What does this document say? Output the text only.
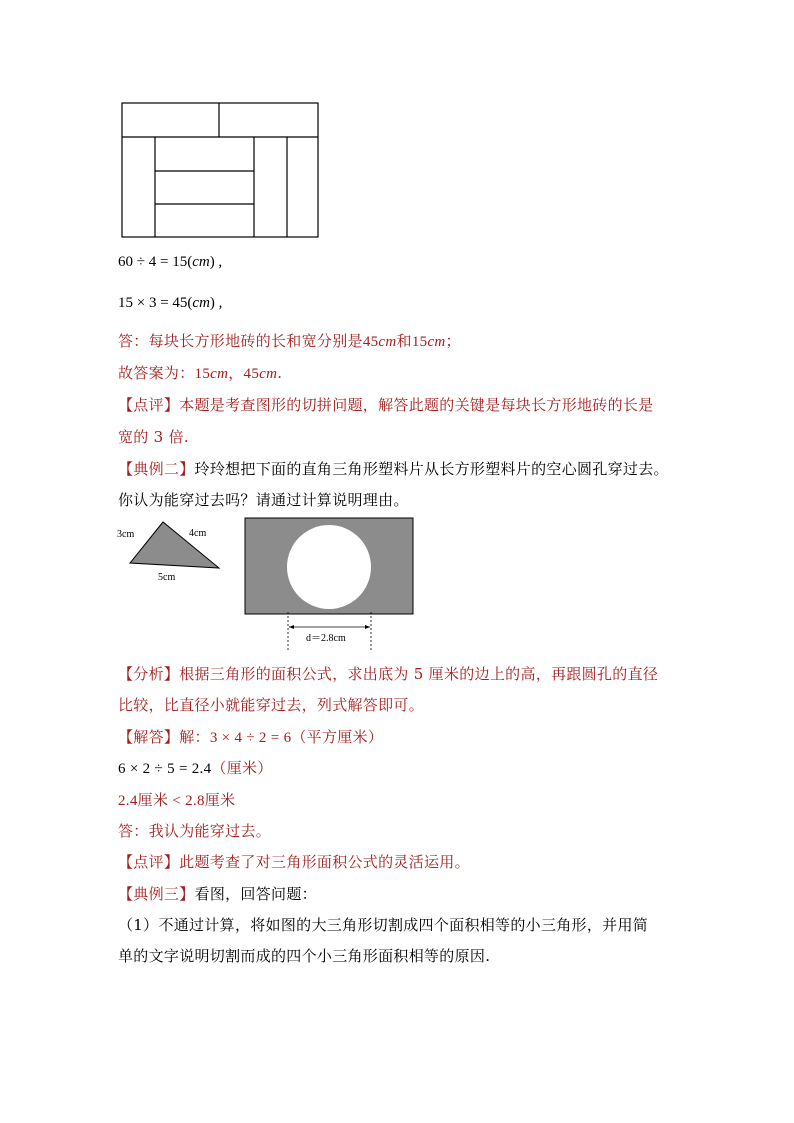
60 ÷ 4 = 15(cm) ,
15 × 3 = 45(cm) ,
答：每块长方形地砖的长和宽分别是45cm和15cm；
故答案为：15cm，45cm.
【点评】本题是考查图形的切拼问题，解答此题的关键是每块长方形地砖的长是
宽的 3 倍.
【典例二】玲玲想把下面的直角三角形塑料片从长方形塑料片的空心圆孔穿过去。
你认为能穿过去吗？请通过计算说明理由。
3cm	4cm
5cm
d＝2.8cm
【分析】根据三角形的面积公式，求出底为 5 厘米的边上的高，再跟圆孔的直径
比较，比直径小就能穿过去，列式解答即可。
【解答】解：3 × 4 ÷ 2 = 6（平方厘米）
6 × 2 ÷ 5 = 2.4（厘米）
2.4厘米 < 2.8厘米
答：我认为能穿过去。
【点评】此题考查了对三角形面积公式的灵活运用。
【典例三】看图，回答问题：
（1）不通过计算，将如图的大三角形切割成四个面积相等的小三角形，并用简
单的文字说明切割而成的四个小三角形面积相等的原因.
